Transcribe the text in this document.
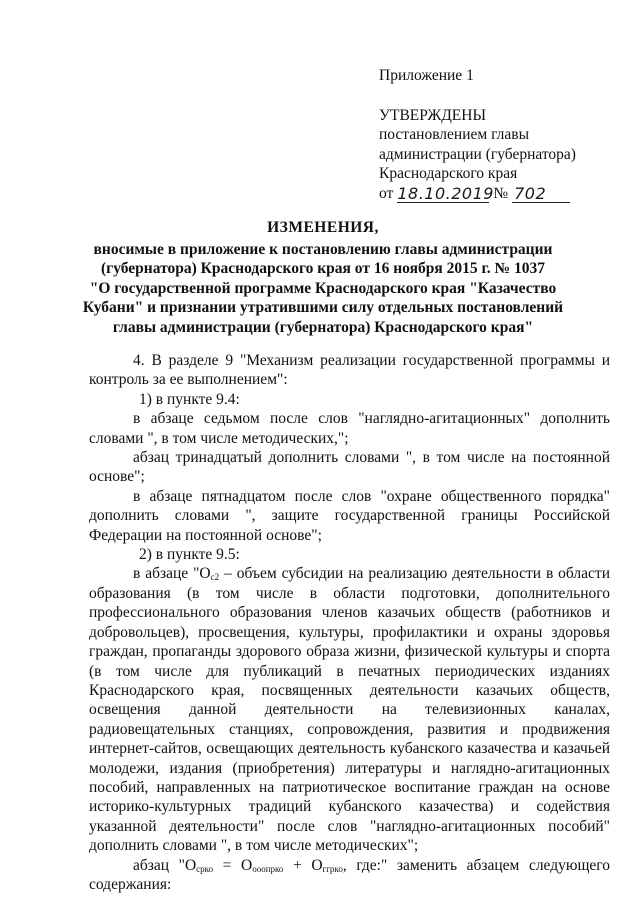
Приложение 1
УТВЕРЖДЕНЫ
постановлением главы
администрации (губернатора)
Краснодарского края
от 18.10.2019 № 702
ИЗМЕНЕНИЯ,
вносимые в приложение к постановлению главы администрации
(губернатора) Краснодарского края от 16 ноября 2015 г. № 1037
"О государственной программе Краснодарского края "Казачество
Кубани" и признании утратившими силу отдельных постановлений
главы администрации (губернатора) Краснодарского края"

4. В разделе 9 "Механизм реализации государственной программы и контроль за ее выполнением":

1) в пункте 9.4:

в абзаце седьмом после слов "наглядно-агитационных" дополнить словами ", в том числе методических,";

абзац тринадцатый дополнить словами ", в том числе на постоянной основе";

в абзаце пятнадцатом после слов "охране общественного порядка" дополнить словами ", защите государственной границы Российской Федерации на постоянной основе";

2) в пункте 9.5:

в абзаце "$О_{с2}$ – объем субсидии на реализацию деятельности в области образования (в том числе в области подготовки, дополнительного профессионального образования членов казачьих обществ (работников и добровольцев), просвещения, культуры, профилактики и охраны здоровья граждан, пропаганды здорового образа жизни, физической культуры и спорта (в том числе для публикаций в печатных периодических изданиях Краснодарского края, посвященных деятельности казачьих обществ, освещения данной деятельности на телевизионных каналах, радиовещательных станциях, сопровождения, развития и продвижения интернет-сайтов, освещающих деятельность кубанского казачества и казачьей молодежи, издания (приобретения) литературы и наглядно-агитационных пособий, направленных на патриотическое воспитание граждан на основе историко-культурных традиций кубанского казачества) и содействия указанной деятельности" после слов "наглядно-агитационных пособий" дополнить словами ", в том числе методических";

абзац "$О_{срко} = О_{ооопрко} + О_{ггрко}$, где:" заменить абзацем следующего содержания:
